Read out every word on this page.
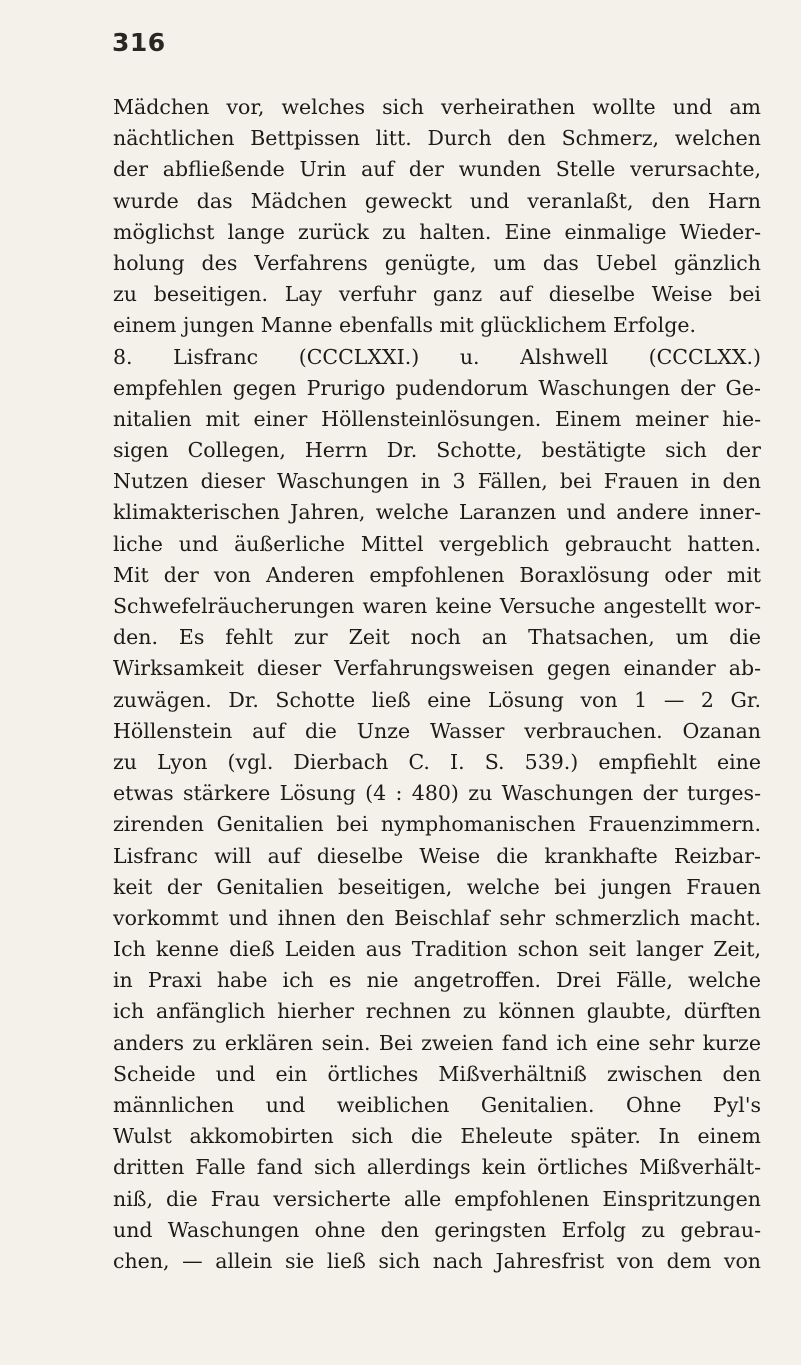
316
Mädchen vor, welches sich verheirathen wollte und am
nächtlichen Bettpissen litt. Durch den Schmerz, welchen
der abfließende Urin auf der wunden Stelle verursachte,
wurde das Mädchen geweckt und veranlaßt, den Harn
möglichst lange zurück zu halten. Eine einmalige Wieder-
holung des Verfahrens genügte, um das Uebel gänzlich
zu beseitigen. Lay verfuhr ganz auf dieselbe Weise bei
einem jungen Manne ebenfalls mit glücklichem Erfolge.
8. Lisfranc (CCCLXXI.) u. Alshwell (CCCLXX.)
empfehlen gegen Prurigo pudendorum Waschungen der Ge-
nitalien mit einer Höllensteinlösungen. Einem meiner hie-
sigen Collegen, Herrn Dr. Schotte, bestätigte sich der
Nutzen dieser Waschungen in 3 Fällen, bei Frauen in den
klimakterischen Jahren, welche Laranzen und andere inner-
liche und äußerliche Mittel vergeblich gebraucht hatten.
Mit der von Anderen empfohlenen Boraxlösung oder mit
Schwefelräucherungen waren keine Versuche angestellt wor-
den. Es fehlt zur Zeit noch an Thatsachen, um die
Wirksamkeit dieser Verfahrungsweisen gegen einander ab-
zuwägen. Dr. Schotte ließ eine Lösung von 1 — 2 Gr.
Höllenstein auf die Unze Wasser verbrauchen. Ozanan
zu Lyon (vgl. Dierbach C. I. S. 539.) empfiehlt eine
etwas stärkere Lösung (4 : 480) zu Waschungen der turges-
zirenden Genitalien bei nymphomanischen Frauenzimmern.
Lisfranc will auf dieselbe Weise die krankhafte Reizbar-
keit der Genitalien beseitigen, welche bei jungen Frauen
vorkommt und ihnen den Beischlaf sehr schmerzlich macht.
Ich kenne dieß Leiden aus Tradition schon seit langer Zeit,
in Praxi habe ich es nie angetroffen. Drei Fälle, welche
ich anfänglich hierher rechnen zu können glaubte, dürften
anders zu erklären sein. Bei zweien fand ich eine sehr kurze
Scheide und ein örtliches Mißverhältniß zwischen den
männlichen und weiblichen Genitalien. Ohne Pyl's
Wulst akkomobirten sich die Eheleute später. In einem
dritten Falle fand sich allerdings kein örtliches Mißverhält-
niß, die Frau versicherte alle empfohlenen Einspritzungen
und Waschungen ohne den geringsten Erfolg zu gebrau-
chen, — allein sie ließ sich nach Jahresfrist von dem von
